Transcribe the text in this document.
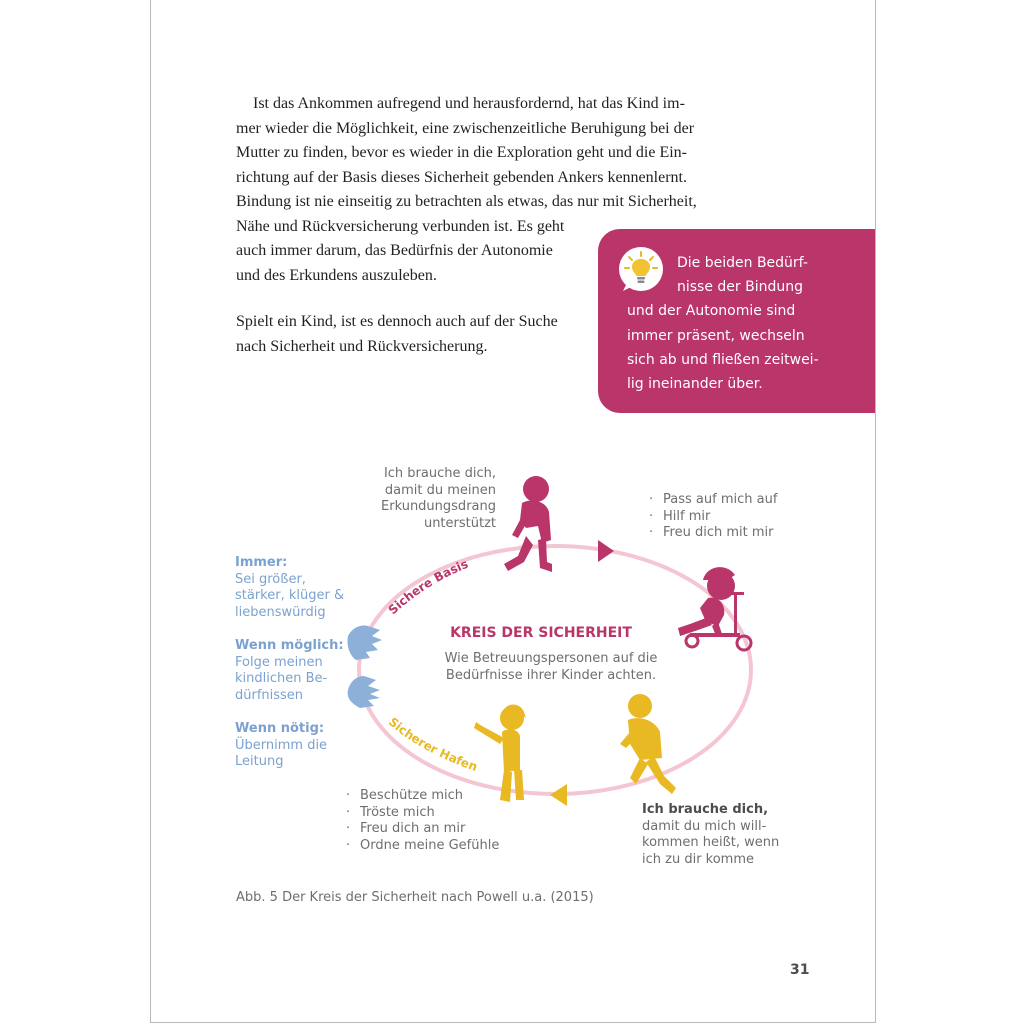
Ist das Ankommen aufregend und herausfordernd, hat das Kind im-
mer wieder die Möglichkeit, eine zwischenzeitliche Beruhigung bei der
Mutter zu finden, bevor es wieder in die Exploration geht und die Ein-
richtung auf der Basis dieses Sicherheit gebenden Ankers kennenlernt.
Bindung ist nie einseitig zu betrachten als etwas, das nur mit Sicherheit,
Nähe und Rückversicherung verbunden ist. Es geht
auch immer darum, das Bedürfnis der Autonomie
und des Erkundens auszuleben.
Spielt ein Kind, ist es dennoch auch auf der Suche
nach Sicherheit und Rückversicherung.
Die beiden Bedürf-
nisse der Bindung
und der Autonomie sind
immer präsent, wechseln
sich ab und fließen zeitwei-
lig ineinander über.
Sichere Basis
Sicherer Hafen
Ich brauche dich,
damit du meinen
Erkundungsdrang
unterstützt
· Pass auf mich auf
· Hilf mir
· Freu dich mit mir
Immer:
Sei größer,
stärker, klüger &
liebenswürdig
Wenn möglich:
Folge meinen
kindlichen Be-
dürfnissen
Wenn nötig:
Übernimm die
Leitung
KREIS DER SICHERHEIT
Wie Betreuungspersonen auf die
Bedürfnisse ihrer Kinder achten.
· Beschütze mich
· Tröste mich
· Freu dich an mir
· Ordne meine Gefühle
Ich brauche dich,
damit du mich will-
kommen heißt, wenn
ich zu dir komme
Abb. 5 Der Kreis der Sicherheit nach Powell u.a. (2015)
31
